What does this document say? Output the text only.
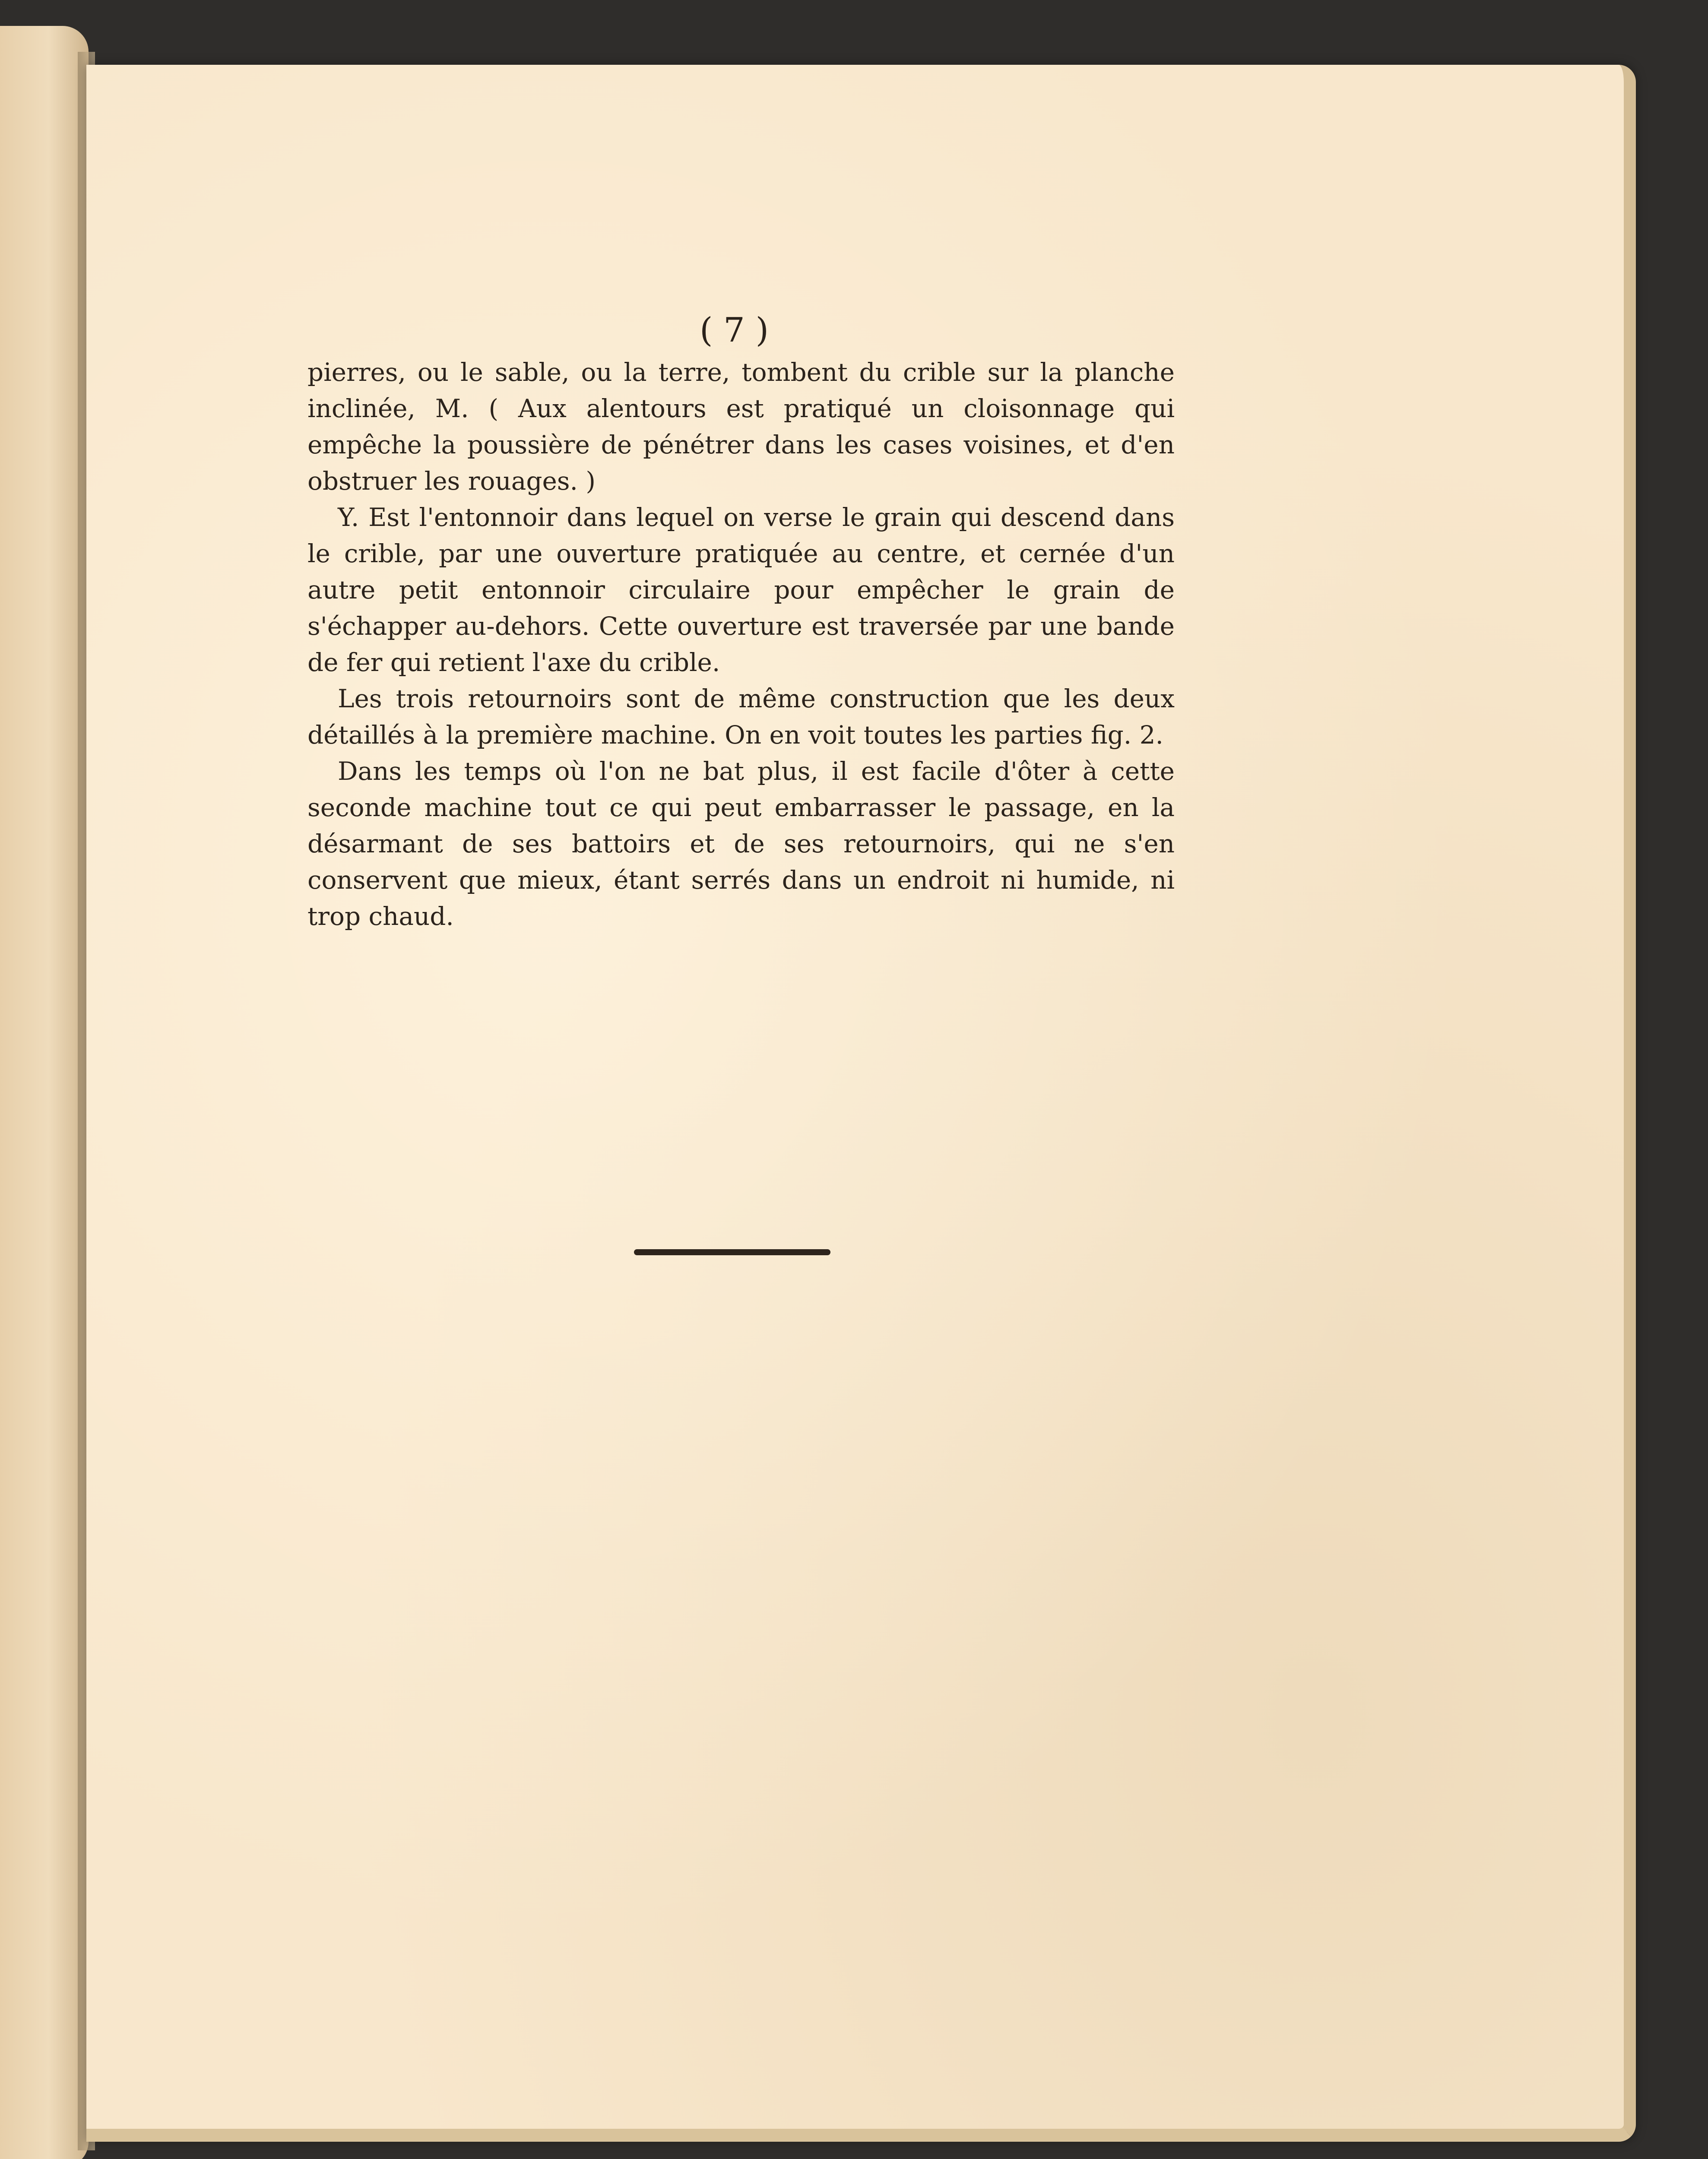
( 7 )

pierres, ou le sable, ou la terre, tombent du crible sur la planche inclinée, M. ( Aux alentours est pratiqué un cloisonnage qui empêche la poussière de pénétrer dans les cases voisines, et d'en obstruer les rouages. )

Y. Est l'entonnoir dans lequel on verse le grain qui descend dans le crible, par une ouverture pratiquée au centre, et cernée d'un autre petit entonnoir circulaire pour empêcher le grain de s'échapper au-dehors. Cette ouverture est traversée par une bande de fer qui retient l'axe du crible.

Les trois retournoirs sont de même construction que les deux détaillés à la première machine. On en voit toutes les parties fig. 2.

Dans les temps où l'on ne bat plus, il est facile d'ôter à cette seconde machine tout ce qui peut embarrasser le passage, en la désarmant de ses battoirs et de ses retournoirs, qui ne s'en conservent que mieux, étant serrés dans un endroit ni humide, ni trop chaud.
